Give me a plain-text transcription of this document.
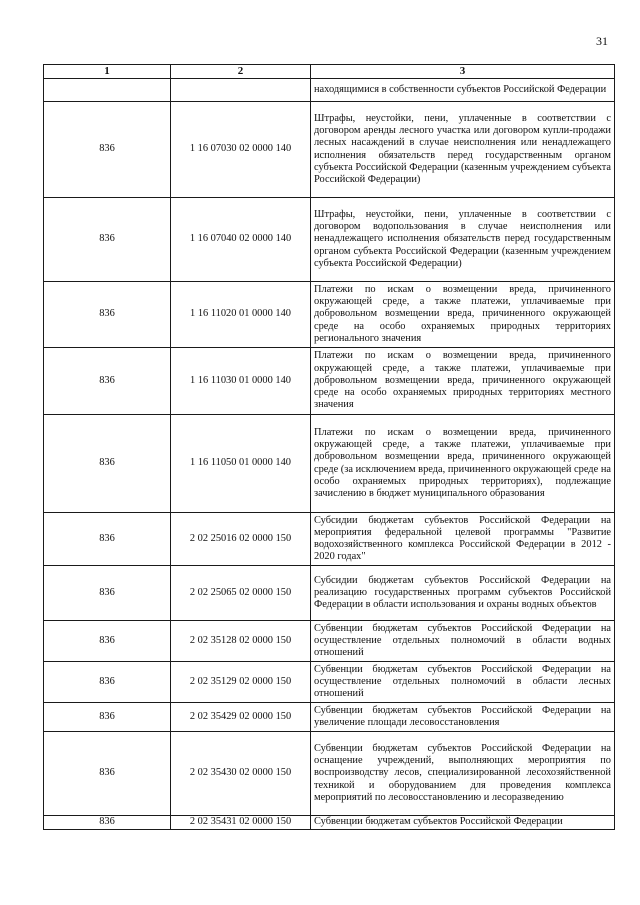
31
1	2	3
		находящимися в собственности субъектов Российской Федерации
836	1 16 07030 02 0000 140	Штрафы, неустойки, пени, уплаченные в соответствии с договором аренды лесного участка или договором купли-продажи лесных насаждений в случае неисполнения или ненадлежащего исполнения обязательств перед государственным органом субъекта Российской Федерации (казенным учреждением субъекта Российской Федерации)
836	1 16 07040 02 0000 140	Штрафы, неустойки, пени, уплаченные в соответствии с договором водопользования в случае неисполнения или ненадлежащего исполнения обязательств перед государственным органом субъекта Российской Федерации (казенным учреждением субъекта Российской Федерации)
836	1 16 11020 01 0000 140	Платежи по искам о возмещении вреда, причиненного окружающей среде, а также платежи, уплачиваемые при добровольном возмещении вреда, причиненного окружающей среде на особо охраняемых природных территориях регионального значения
836	1 16 11030 01 0000 140	Платежи по искам о возмещении вреда, причиненного окружающей среде, а также платежи, уплачиваемые при добровольном возмещении вреда, причиненного окружающей среде на особо охраняемых природных территориях местного значения
836	1 16 11050 01 0000 140	Платежи по искам о возмещении вреда, причиненного окружающей среде, а также платежи, уплачиваемые при добровольном возмещении вреда, причиненного окружающей среде (за исключением вреда, причиненного окружающей среде на особо охраняемых природных территориях), подлежащие зачислению в бюджет муниципального образования
836	2 02 25016 02 0000 150	Субсидии бюджетам субъектов Российской Федерации на мероприятия федеральной целевой программы "Развитие водохозяйственного комплекса Российской Федерации в 2012 - 2020 годах"
836	2 02 25065 02 0000 150	Субсидии бюджетам субъектов Российской Федерации на реализацию государственных программ субъектов Российской Федерации в области использования и охраны водных объектов
836	2 02 35128 02 0000 150	Субвенции бюджетам субъектов Российской Федерации на осуществление отдельных полномочий в области водных отношений
836	2 02 35129 02 0000 150	Субвенции бюджетам субъектов Российской Федерации на осуществление отдельных полномочий в области лесных отношений
836	2 02 35429 02 0000 150	Субвенции бюджетам субъектов Российской Федерации на увеличение площади лесовосстановления
836	2 02 35430 02 0000 150	Субвенции бюджетам субъектов Российской Федерации на оснащение учреждений, выполняющих мероприятия по воспроизводству лесов, специализированной лесохозяйственной техникой и оборудованием для проведения комплекса мероприятий по лесовосстановлению и лесоразведению
836	2 02 35431 02 0000 150	Субвенции бюджетам субъектов Российской Федерации
